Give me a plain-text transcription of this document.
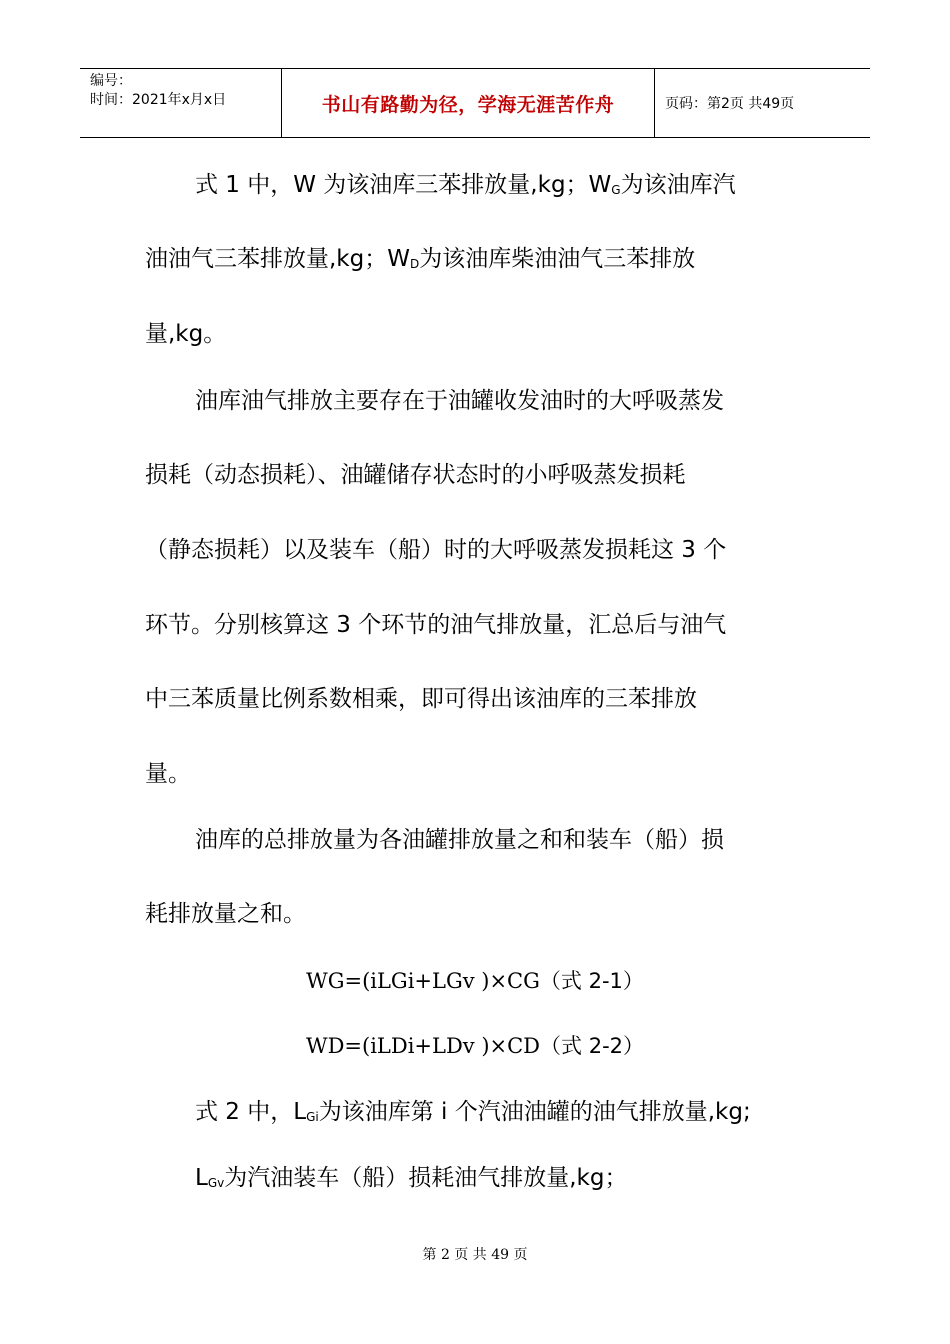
编号：
时间：2021年x月x日	书山有路勤为径，学海无涯苦作舟	页码：第2页 共49页
式 1 中，W 为该油库三苯排放量,kg；$W_G$为该油库汽
油油气三苯排放量,kg；$W_D$为该油库柴油油气三苯排放
量,kg。
油库油气排放主要存在于油罐收发油时的大呼吸蒸发
损耗（动态损耗）、油罐储存状态时的小呼吸蒸发损耗
（静态损耗）以及装车（船）时的大呼吸蒸发损耗这 3 个
环节。分别核算这 3 个环节的油气排放量，汇总后与油气
中三苯质量比例系数相乘，即可得出该油库的三苯排放
量。
油库的总排放量为各油罐排放量之和和装车（船）损
耗排放量之和。
WG=(iLGi+LGv )×CG（式 2-1）
WD=(iLDi+LDv )×CD（式 2-2）
式 2 中，$L_{Gi}$为该油库第 i 个汽油油罐的油气排放量,kg;
$L_{Gv}$为汽油装车（船）损耗油气排放量,kg；
第 2 页 共 49 页
